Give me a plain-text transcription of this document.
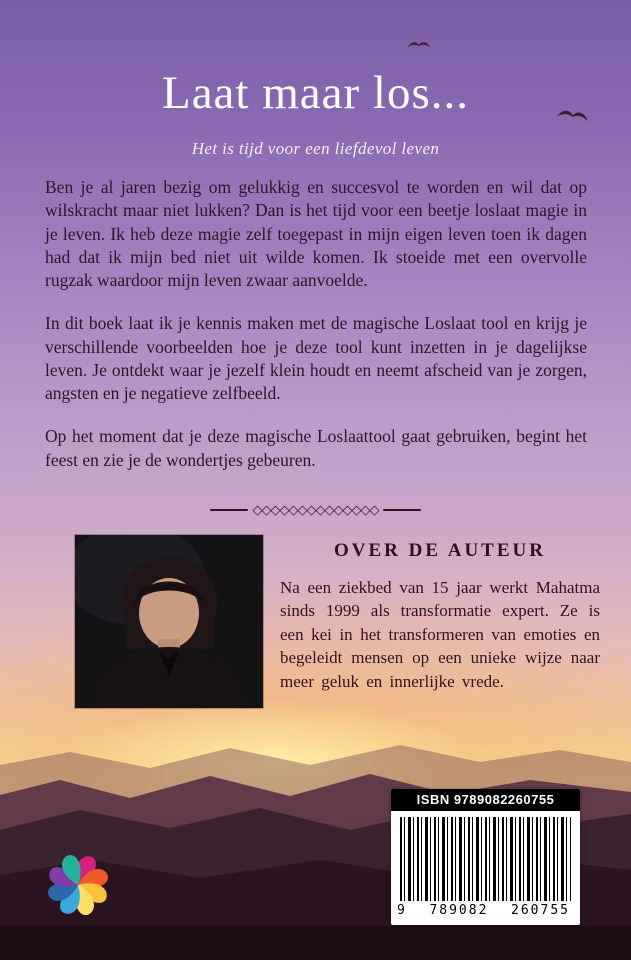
Laat maar los...
Het is tijd voor een liefdevol leven

Ben je al jaren bezig om gelukkig en succesvol te worden en wil dat op wilskracht maar niet lukken? Dan is het tijd voor een beetje loslaat magie in je leven. Ik heb deze magie zelf toegepast in mijn eigen leven toen ik dagen had dat ik mijn bed niet uit wilde komen. Ik stoeide met een overvolle rugzak waardoor mijn leven zwaar aanvoelde.

In dit boek laat ik je kennis maken met de magische Loslaat tool en krijg je verschillende voorbeelden hoe je deze tool kunt inzetten in je dagelijkse leven. Je ontdekt waar je jezelf klein houdt en neemt afscheid van je zorgen, angsten en je negatieve zelfbeeld.

Op het moment dat je deze magische Loslaattool gaat gebruiken, begint het feest en zie je de wondertjes gebeuren.

◇◇◇◇◇◇◇◇◇◇◇◇◇◇
OVER DE AUTEUR

Na een ziekbed van 15 jaar werkt Mahatma sinds 1999 als transformatie expert. Ze is een kei in het transformeren van emoties en begeleidt mensen op een unieke wijze naar meer geluk en innerlijke vrede.

ISBN 9789082260755
9 789082 260755
